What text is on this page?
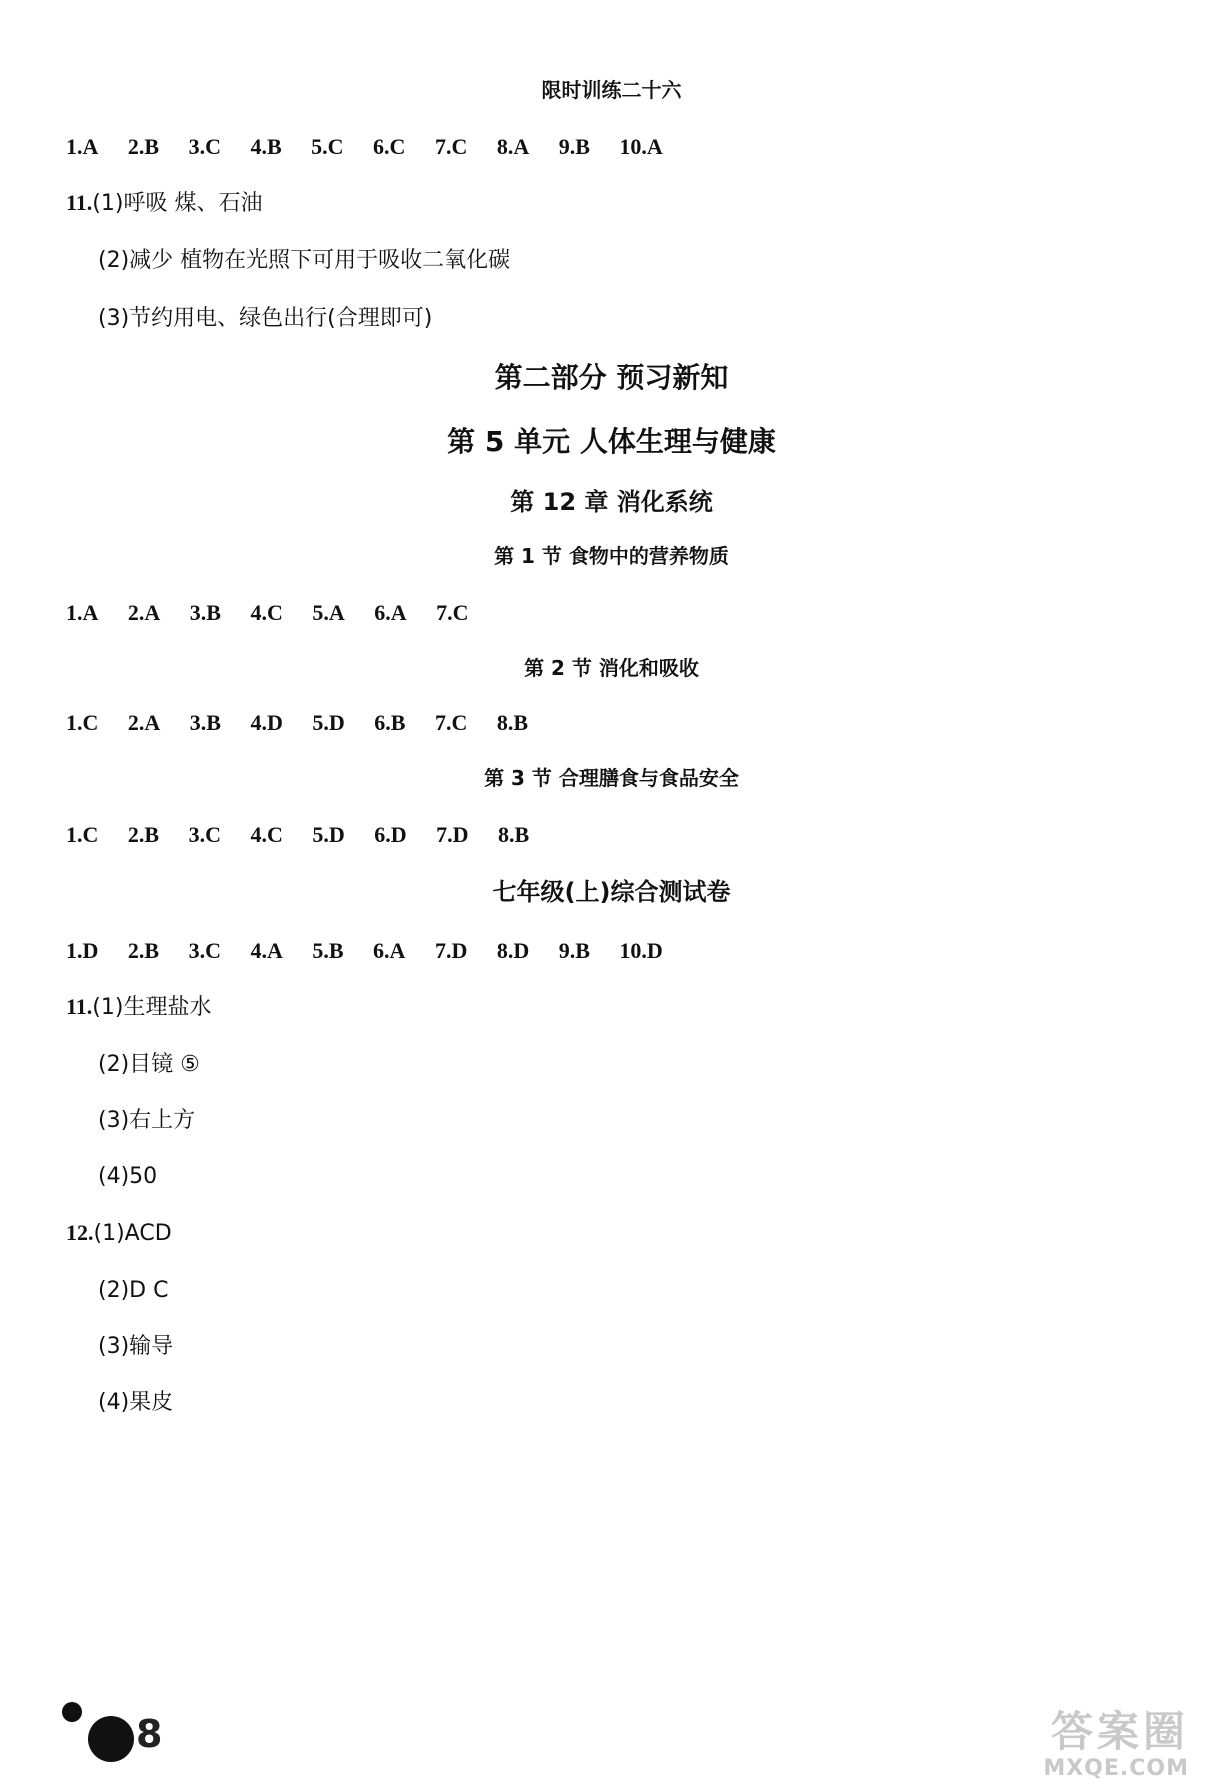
限时训练二十六
1.A 2.B 3.C 4.B 5.C 6.C 7.C 8.A 9.B 10.A
11.(1)呼吸 煤、石油
(2)减少 植物在光照下可用于吸收二氧化碳
(3)节约用电、绿色出行(合理即可)
第二部分 预习新知
第 5 单元 人体生理与健康
第 12 章 消化系统
第 1 节 食物中的营养物质
1.A 2.A 3.B 4.C 5.A 6.A 7.C
第 2 节 消化和吸收
1.C 2.A 3.B 4.D 5.D 6.B 7.C 8.B
第 3 节 合理膳食与食品安全
1.C 2.B 3.C 4.C 5.D 6.D 7.D 8.B
七年级(上)综合测试卷
1.D 2.B 3.C 4.A 5.B 6.A 7.D 8.D 9.B 10.D
11.(1)生理盐水
(2)目镜 ⑤
(3)右上方
(4)50
12.(1)ACD
(2)D C
(3)输导
(4)果皮
8	答案圈
MXQE.COM
